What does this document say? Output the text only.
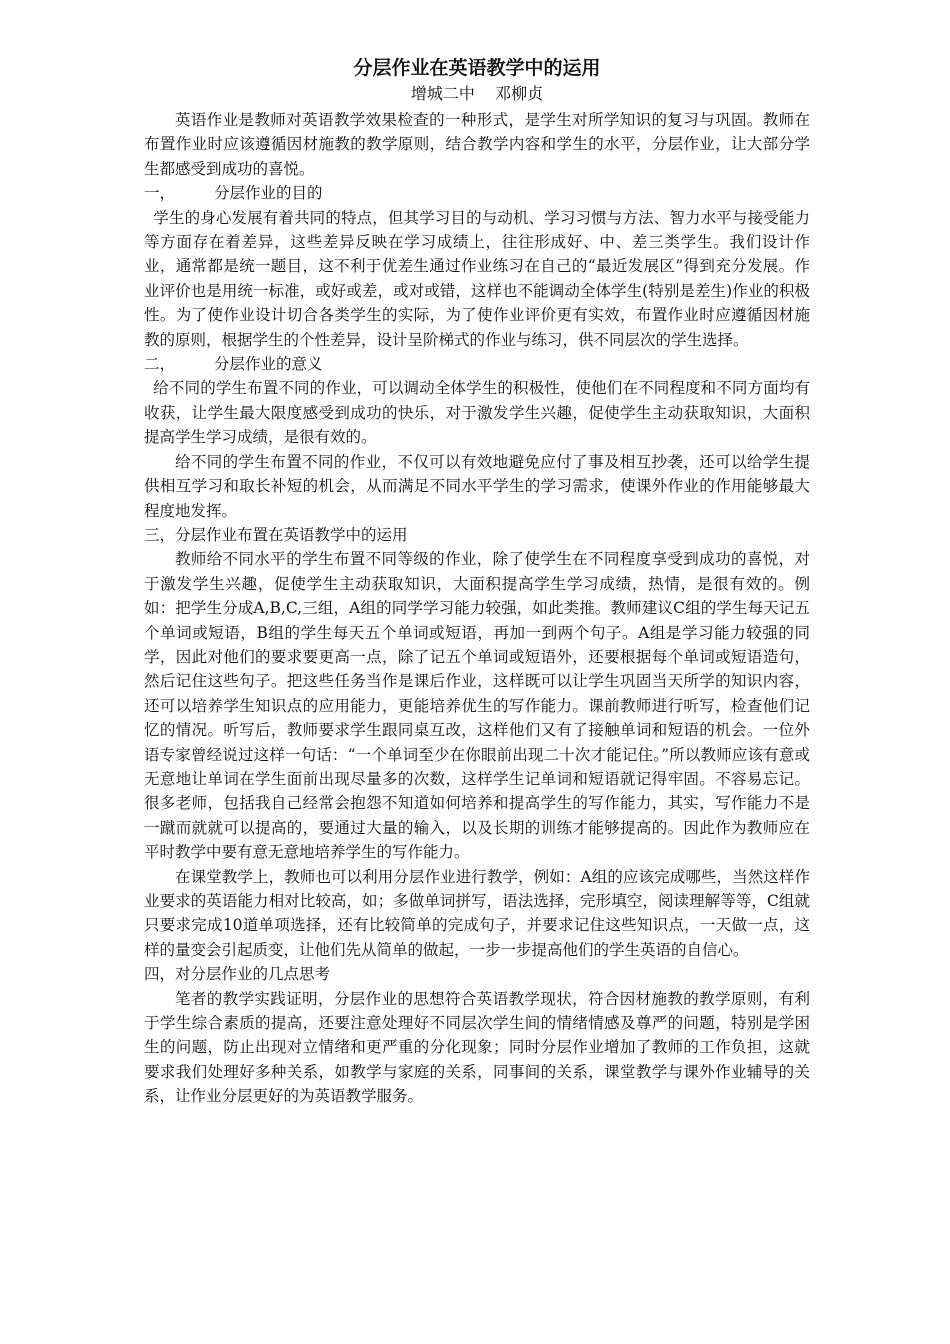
分层作业在英语教学中的运用
增城二中    邓柳贞

英语作业是教师对英语教学效果检查的一种形式，是学生对所学知识的复习与巩固。教师在布置作业时应该遵循因材施教的教学原则，结合教学内容和学生的水平，分层作业，让大部分学生都感受到成功的喜悦。

一，	分层作业的目的

学生的身心发展有着共同的特点，但其学习目的与动机、学习习惯与方法、智力水平与接受能力等方面存在着差异，这些差异反映在学习成绩上，往往形成好、中、差三类学生。我们设计作业，通常都是统一题目，这不利于优差生通过作业练习在自己的“最近发展区”得到充分发展。作业评价也是用统一标准，或好或差，或对或错，这样也不能调动全体学生(特别是差生)作业的积极性。为了使作业设计切合各类学生的实际，为了使作业评价更有实效，布置作业时应遵循因材施教的原则，根据学生的个性差异，设计呈阶梯式的作业与练习，供不同层次的学生选择。

二，	分层作业的意义

给不同的学生布置不同的作业，可以调动全体学生的积极性，使他们在不同程度和不同方面均有收获，让学生最大限度感受到成功的快乐，对于激发学生兴趣，促使学生主动获取知识，大面积提高学生学习成绩，是很有效的。

给不同的学生布置不同的作业，不仅可以有效地避免应付了事及相互抄袭，还可以给学生提供相互学习和取长补短的机会，从而满足不同水平学生的学习需求，使课外作业的作用能够最大程度地发挥。

三，分层作业布置在英语教学中的运用

教师给不同水平的学生布置不同等级的作业，除了使学生在不同程度享受到成功的喜悦，对于激发学生兴趣，促使学生主动获取知识，大面积提高学生学习成绩，热情，是很有效的。例如：把学生分成A,B,C,三组，A组的同学学习能力较强，如此类推。教师建议C组的学生每天记五个单词或短语，B组的学生每天五个单词或短语，再加一到两个句子。A组是学习能力较强的同学，因此对他们的要求要更高一点，除了记五个单词或短语外，还要根据每个单词或短语造句，然后记住这些句子。把这些任务当作是课后作业，这样既可以让学生巩固当天所学的知识内容，还可以培养学生知识点的应用能力，更能培养优生的写作能力。课前教师进行听写，检查他们记忆的情况。听写后，教师要求学生跟同桌互改，这样他们又有了接触单词和短语的机会。一位外语专家曾经说过这样一句话：“一个单词至少在你眼前出现二十次才能记住。”所以教师应该有意或无意地让单词在学生面前出现尽量多的次数，这样学生记单词和短语就记得牢固。不容易忘记。很多老师，包括我自己经常会抱怨不知道如何培养和提高学生的写作能力，其实，写作能力不是一蹴而就就可以提高的，要通过大量的输入，以及长期的训练才能够提高的。因此作为教师应在平时教学中要有意无意地培养学生的写作能力。

在课堂教学上，教师也可以利用分层作业进行教学，例如：A组的应该完成哪些，当然这样作业要求的英语能力相对比较高，如；多做单词拼写，语法选择，完形填空，阅读理解等等，C组就只要求完成10道单项选择，还有比较简单的完成句子，并要求记住这些知识点，一天做一点，这样的量变会引起质变，让他们先从简单的做起，一步一步提高他们的学生英语的自信心。

四，对分层作业的几点思考

笔者的教学实践证明，分层作业的思想符合英语教学现状，符合因材施教的教学原则，有利于学生综合素质的提高，还要注意处理好不同层次学生间的情绪情感及尊严的问题，特别是学困生的问题，防止出现对立情绪和更严重的分化现象；同时分层作业增加了教师的工作负担，这就要求我们处理好多种关系，如教学与家庭的关系，同事间的关系，课堂教学与课外作业辅导的关系，让作业分层更好的为英语教学服务。
